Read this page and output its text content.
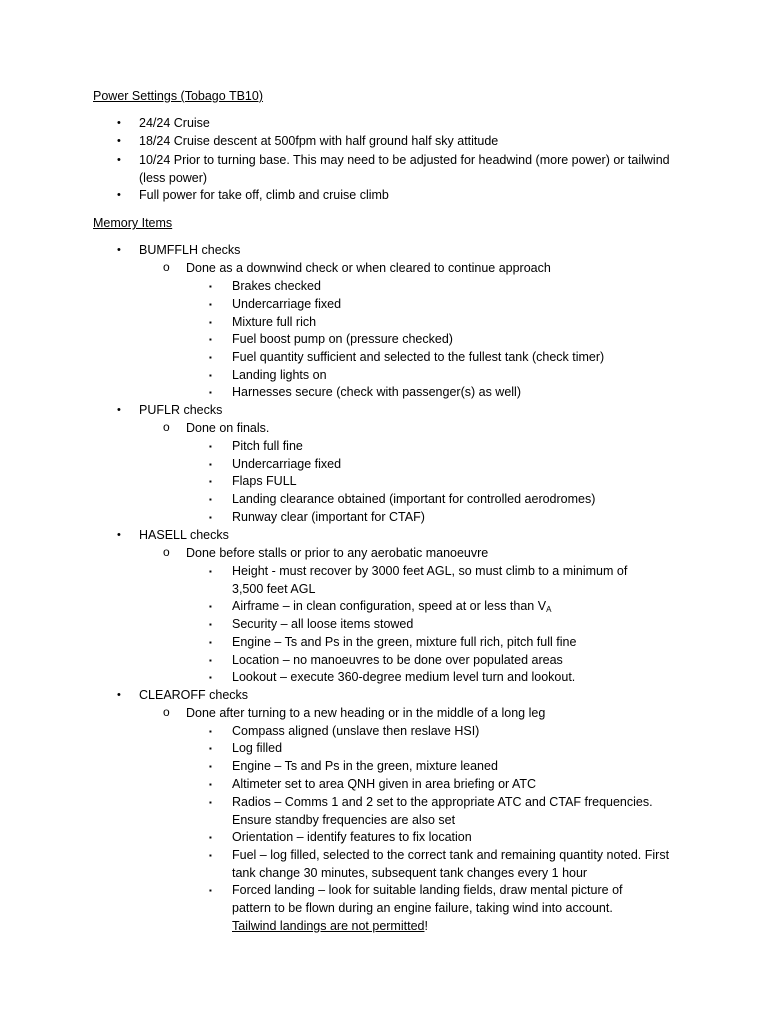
Power Settings (Tobago TB10)
• 24/24 Cruise
• 18/24 Cruise descent at 500fpm with half ground half sky attitude
• 10/24 Prior to turning base. This may need to be adjusted for headwind (more power) or tailwind (less power)
• Full power for take off, climb and cruise climb
Memory Items
• BUMFFLH checks
o Done as a downwind check or when cleared to continue approach
▪ Brakes checked
▪ Undercarriage fixed
▪ Mixture full rich
▪ Fuel boost pump on (pressure checked)
▪ Fuel quantity sufficient and selected to the fullest tank (check timer)
▪ Landing lights on
▪ Harnesses secure (check with passenger(s) as well)
• PUFLR checks
o Done on finals.
▪ Pitch full fine
▪ Undercarriage fixed
▪ Flaps FULL
▪ Landing clearance obtained (important for controlled aerodromes)
▪ Runway clear (important for CTAF)
• HASELL checks
o Done before stalls or prior to any aerobatic manoeuvre
▪ Height - must recover by 3000 feet AGL, so must climb to a minimum of 3,500 feet AGL
▪ Airframe – in clean configuration, speed at or less than $V_A$
▪ Security – all loose items stowed
▪ Engine – Ts and Ps in the green, mixture full rich, pitch full fine
▪ Location – no manoeuvres to be done over populated areas
▪ Lookout – execute 360-degree medium level turn and lookout.
• CLEAROFF checks
o Done after turning to a new heading or in the middle of a long leg
▪ Compass aligned (unslave then reslave HSI)
▪ Log filled
▪ Engine – Ts and Ps in the green, mixture leaned
▪ Altimeter set to area QNH given in area briefing or ATC
▪ Radios – Comms 1 and 2 set to the appropriate ATC and CTAF frequencies. Ensure standby frequencies are also set
▪ Orientation – identify features to fix location
▪ Fuel – log filled, selected to the correct tank and remaining quantity noted. First tank change 30 minutes, subsequent tank changes every 1 hour
▪ Forced landing – look for suitable landing fields, draw mental picture of pattern to be flown during an engine failure, taking wind into account.
Tailwind landings are not permitted!
